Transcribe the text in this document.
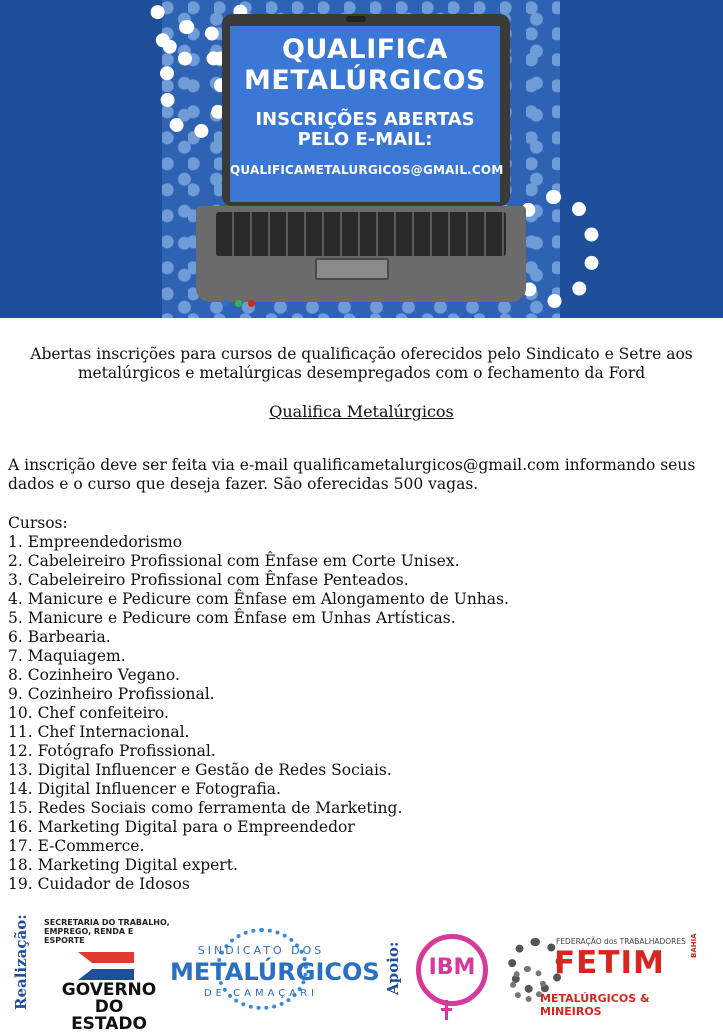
QUALIFICA
METALÚRGICOS
INSCRIÇÕES ABERTAS
PELO E-MAIL:
QUALIFICAMETALURGICOS@GMAIL.COM
Abertas inscrições para cursos de qualificação oferecidos pelo Sindicato e Setre aos metalúrgicos e metalúrgicas desempregados com o fechamento da Ford
Qualifica Metalúrgicos
A inscrição deve ser feita via e-mail qualificametalurgicos@gmail.com informando seus dados e o curso que deseja fazer. São oferecidas 500 vagas.
Cursos:
1. Empreendedorismo
2. Cabeleireiro Profissional com Ênfase em Corte Unisex.
3. Cabeleireiro Profissional com Ênfase Penteados.
4. Manicure e Pedicure com Ênfase em Alongamento de Unhas.
5. Manicure e Pedicure com Ênfase em Unhas Artísticas.
6. Barbearia.
7. Maquiagem.
8. Cozinheiro Vegano.
9. Cozinheiro Profissional.
10. Chef confeiteiro.
11. Chef Internacional.
12. Fotógrafo Profissional.
13. Digital Influencer e Gestão de Redes Sociais.
14. Digital Influencer e Fotografia.
15. Redes Sociais como ferramenta de Marketing.
16. Marketing Digital para o Empreendedor
17. E-Commerce.
18. Marketing Digital expert.
19. Cuidador de Idosos
Realização: SECRETARIA DO TRABALHO, EMPREGO, RENDA E ESPORTE
GOVERNO
DO ESTADO
SINDICATO DOS
METALÚRGICOS
DE CAMAÇARI	Apoio:	IBM
FEDERAÇÃO dos TRABALHADORES
FETIM	BAHIA
METALÚRGICOS & MINEIROS
